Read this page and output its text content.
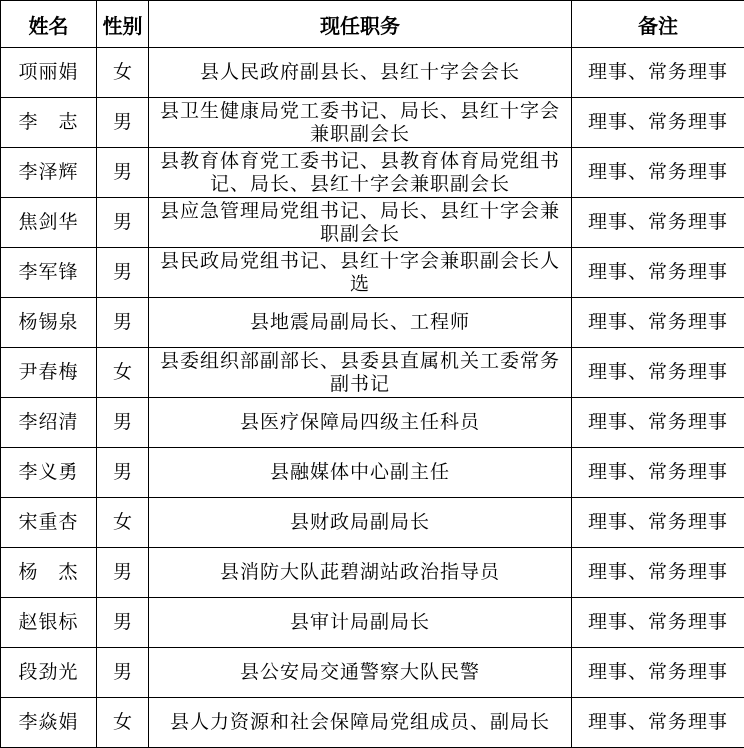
姓名	性别	现任职务	备注
项丽娟	女	县人民政府副县长、县红十字会会长	理事、常务理事
李　志	男	县卫生健康局党工委书记、局长、县红十字会兼职副会长	理事、常务理事
李泽辉	男	县教育体育党工委书记、县教育体育局党组书记、局长、县红十字会兼职副会长	理事、常务理事
焦剑华	男	县应急管理局党组书记、局长、县红十字会兼职副会长	理事、常务理事
李军锋	男	县民政局党组书记、县红十字会兼职副会长人选	理事、常务理事
杨锡泉	男	县地震局副局长、工程师	理事、常务理事
尹春梅	女	县委组织部副部长、县委县直属机关工委常务副书记	理事、常务理事
李绍清	男	县医疗保障局四级主任科员	理事、常务理事
李义勇	男	县融媒体中心副主任	理事、常务理事
宋重杏	女	县财政局副局长	理事、常务理事
杨　杰	男	县消防大队茈碧湖站政治指导员	理事、常务理事
赵银标	男	县审计局副局长	理事、常务理事
段劲光	男	县公安局交通警察大队民警	理事、常务理事
李焱娟	女	县人力资源和社会保障局党组成员、副局长	理事、常务理事
